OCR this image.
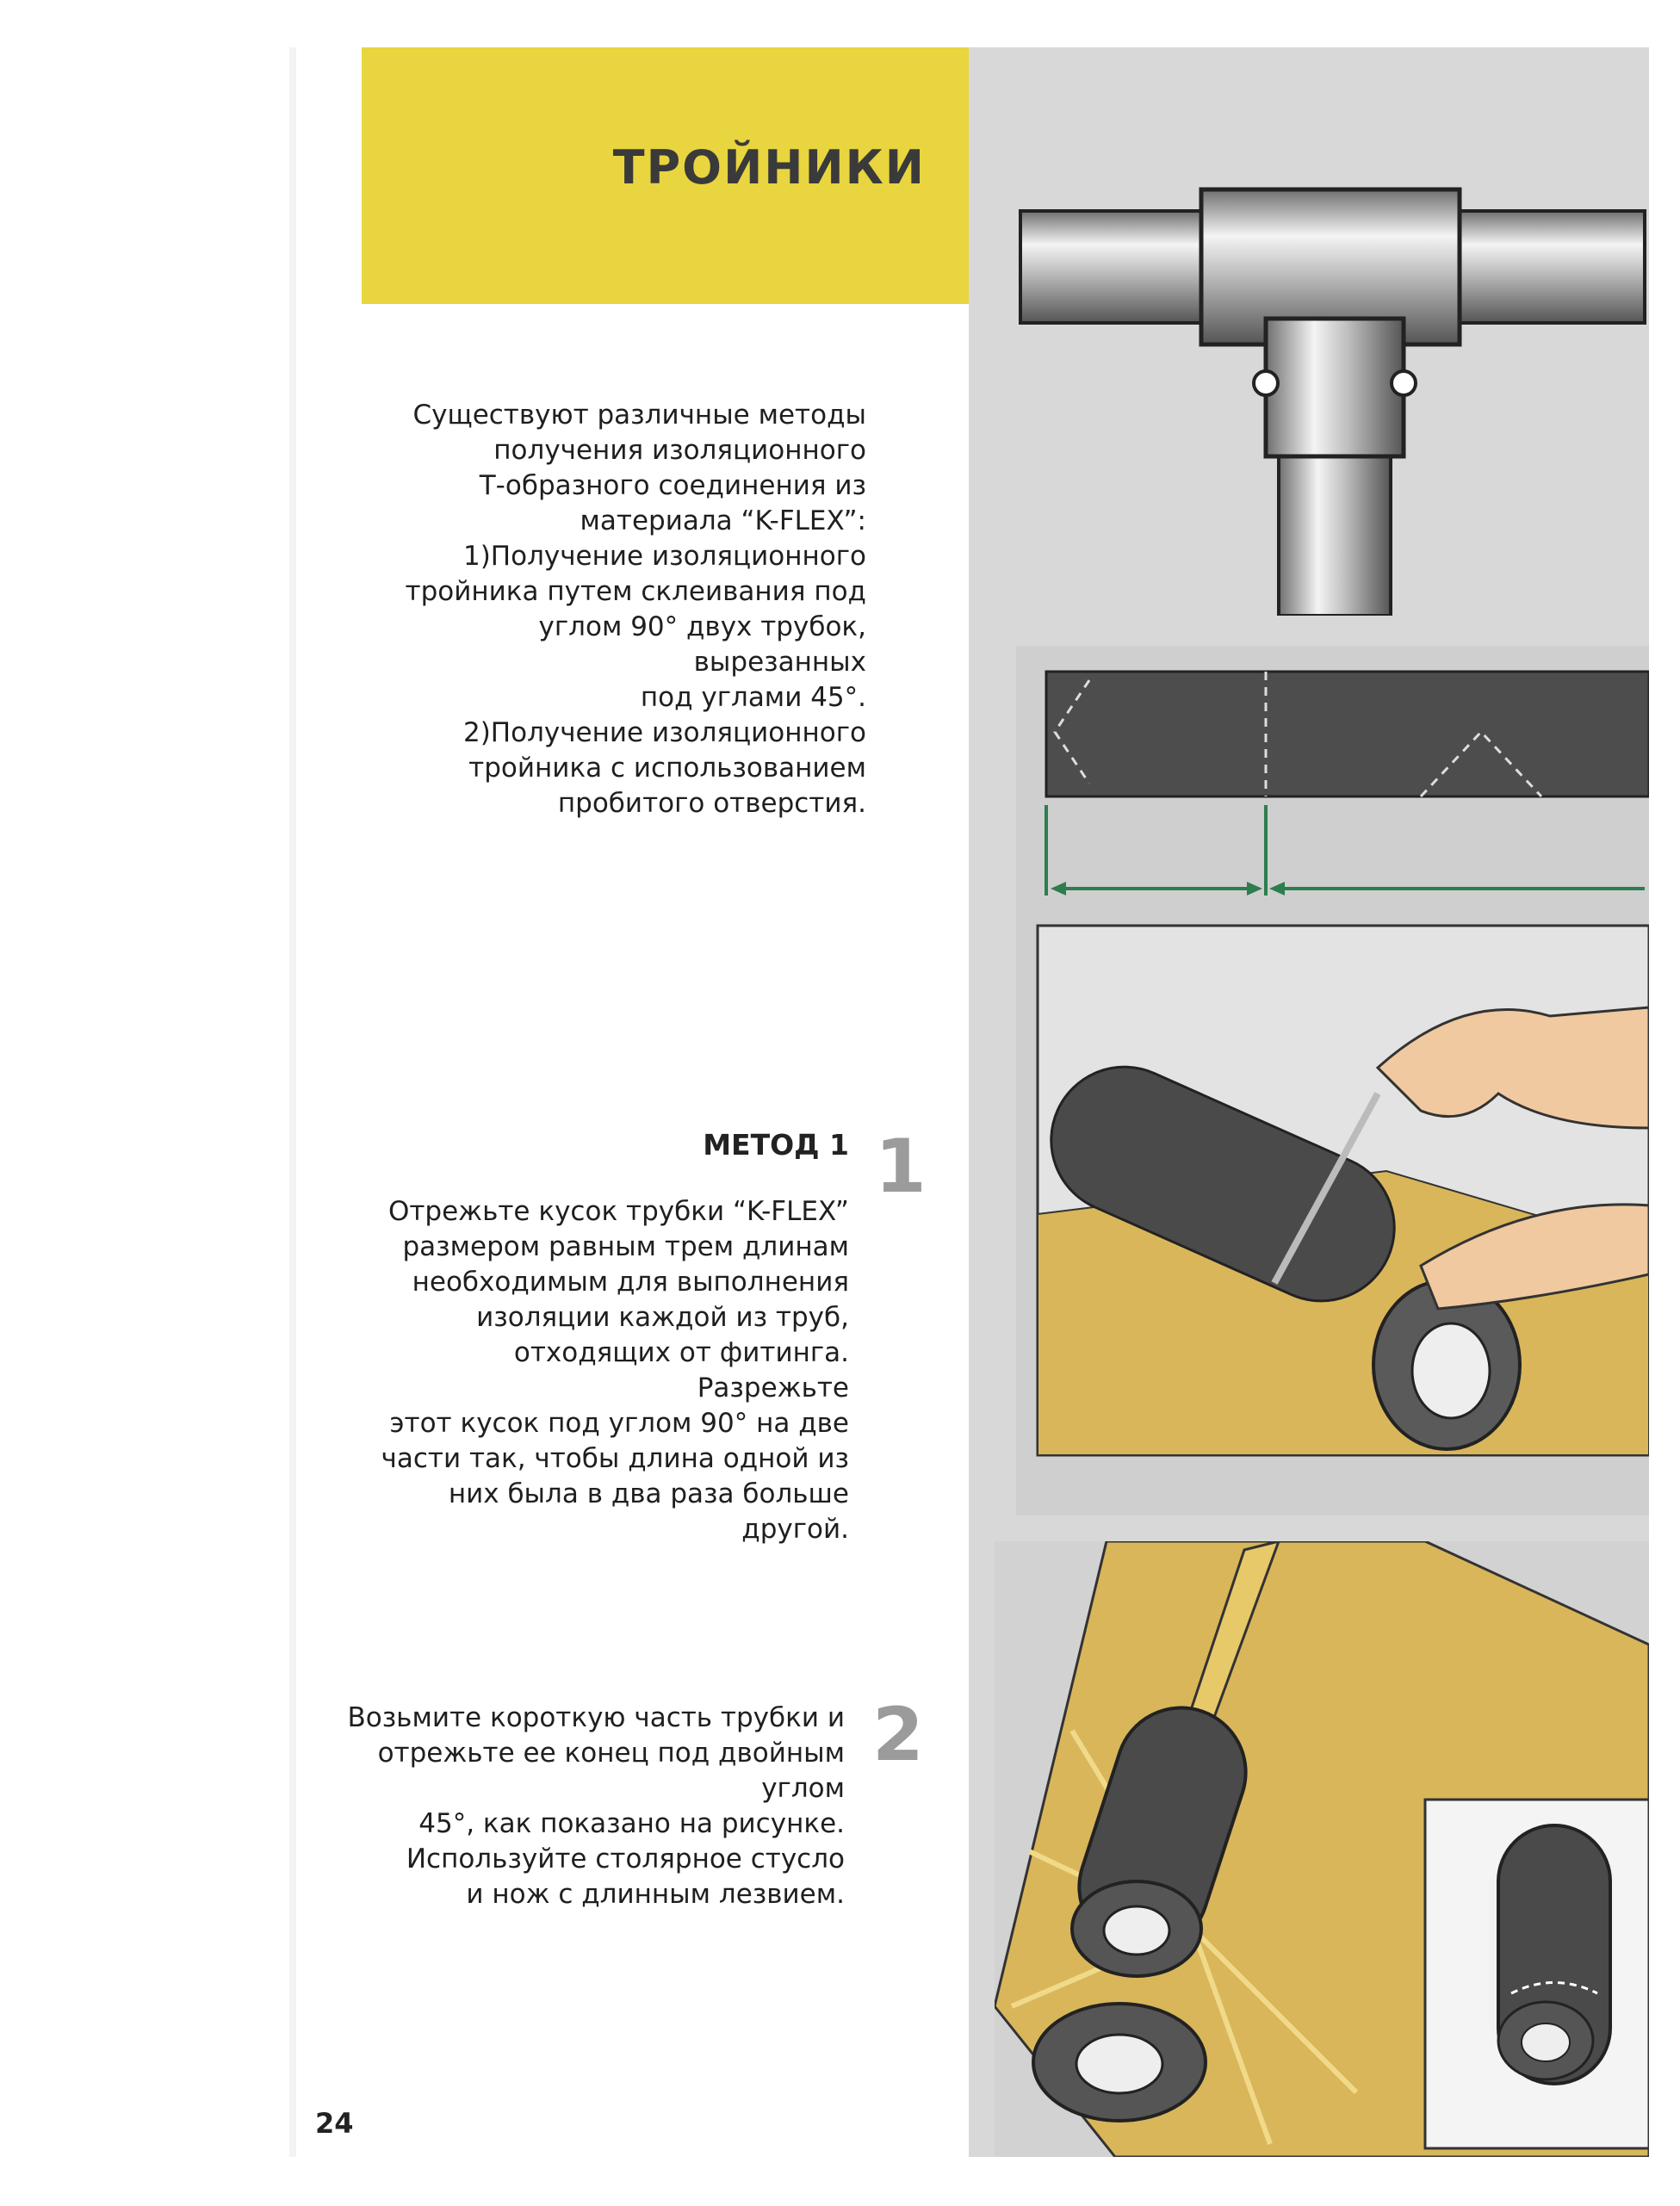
ТРОЙНИКИ

Существуют различные методы

получения изоляционного

Т-образного соединения из

материала “K-FLEX”:

1)Получение изоляционного

тройника путем склеивания под

углом 90° двух трубок, вырезанных

под углами 45°.

2)Получение изоляционного

тройника с использованием

пробитого отверстия.

МЕТОД 1 1

Отрежьте кусок трубки “K-FLEX”

размером равным трем длинам

необходимым для выполнения

изоляции каждой из труб,

отходящих от фитинга. Разрежьте

этот кусок под углом 90° на две

части так, чтобы длина одной из

них была в два раза больше

другой.

2

Возьмите короткую часть трубки и

отрежьте ее конец под двойным углом

45°, как показано на рисунке.

Используйте столярное стусло

и нож с длинным лезвием.

24
